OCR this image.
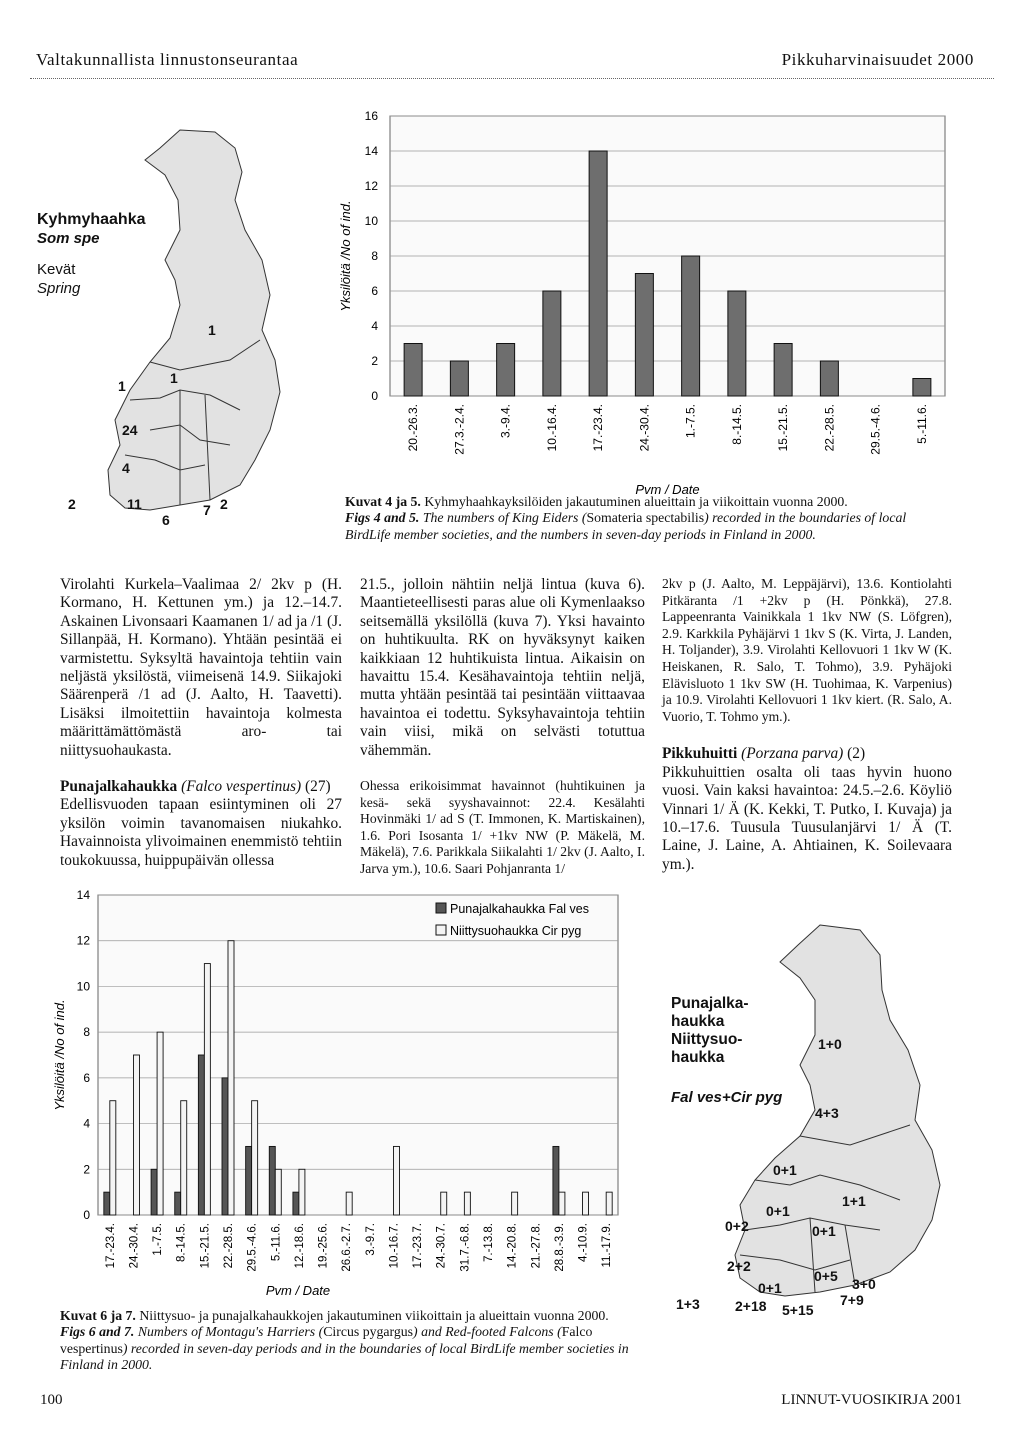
Valtakunnallista linnustonseurantaa	Pikkuharvinaisuudet 2000
Kyhmyhaahka
Som spe
Kevät
Spring
1
1	1
24
4
2	11
6
7 2
0
2
4
6
8
10
12
14
16
20.-26.3.	27.3.-2.4.	3.-9.4.	10.-16.4.	17.-23.4.	24.-30.4.	1.-7.5.	8.-14.5.	15.-21.5.	22.-28.5.	29.5.-4.6.	5.-11.6.
Yksilöitä /No of ind.
Pvm / Date
Kuvat 4 ja 5. Kyhmyhaahkayksilöiden jakautuminen alueittain ja viikoittain vuonna 2000.
Figs 4 and 5. The numbers of King Eiders (Somateria spectabilis) recorded in the boundaries of local BirdLife member societies, and the numbers in seven-day periods in Finland in 2000.

Virolahti Kurkela–Vaalimaa 2/ 2kv p (H. Kormano, H. Kettunen ym.) ja 12.–14.7. Askainen Livonsaari Kaamanen 1/ ad ja /1 (J. Sillanpää, H. Kormano). Yhtään pesintää ei varmistettu. Syksyltä havaintoja tehtiin vain neljästä yksilöstä, viimeisenä 14.9. Siikajoki Säärenperä /1 ad (J. Aalto, H. Taavetti). Lisäksi ilmoitettiin havaintoja kolmesta määrittämättömästä aro- tai niittysuohaukasta.

Punajalkahaukka (Falco vespertinus) (27)

Edellisvuoden tapaan esiintyminen oli 27 yksilön voimin tavanomaisen niukahko. Havainnoista ylivoimainen enemmistö tehtiin toukokuussa, huippupäivän ollessa

21.5., jolloin nähtiin neljä lintua (kuva 6). Maantieteellisesti paras alue oli Kymenlaakso seitsemällä yksilöllä (kuva 7). Yksi havainto on huhtikuulta. RK on hyväksynyt kaiken kaikkiaan 12 huhtikuista lintua. Aikaisin on havaittu 15.4. Kesähavaintoja tehtiin neljä, mutta yhtään pesintää tai pesintään viittaavaa havaintoa ei todettu. Syksyhavaintoja tehtiin vain viisi, mikä on selvästi totuttua vähemmän.

Ohessa erikoisimmat havainnot (huhtikuinen ja kesä- sekä syyshavainnot: 22.4. Kesälahti Hovinmäki 1/ ad S (T. Immonen, K. Martiskainen), 1.6. Pori Isosanta 1/ +1kv NW (P. Mäkelä, M. Mäkelä), 7.6. Parikkala Siikalahti 1/ 2kv (J. Aalto, I. Jarva ym.), 10.6. Saari Pohjanranta 1/

2kv p (J. Aalto, M. Leppäjärvi), 13.6. Kontiolahti Pitkäranta /1 +2kv p (H. Pönkkä), 27.8. Lappeenranta Vainikkala 1 1kv NW (S. Löfgren), 2.9. Karkkila Pyhäjärvi 1 1kv S (K. Virta, J. Landen, H. Toljander), 3.9. Virolahti Kellovuori 1 1kv W (K. Heiskanen, R. Salo, T. Tohmo), 3.9. Pyhäjoki Elävisluoto 1 1kv SW (H. Tuohimaa, K. Varpenius) ja 10.9. Virolahti Kellovuori 1 1kv kiert. (R. Salo, A. Vuorio, T. Tohmo ym.).

Pikkuhuitti (Porzana parva) (2)

Pikkuhuittien osalta oli taas hyvin huono vuosi. Vain kaksi havaintoa: 24.5.–2.6. Köyliö Vinnari 1/ Ä (K. Kekki, T. Putko, I. Kuvaja) ja 10.–17.6. Tuusula Tuusulanjärvi 1/ Ä (T. Laine, J. Laine, A. Ahtiainen, K. Soilevaara ym.).

0
2
4
6
8
10
12
14
17.-23.4. 24.-30.4. 1.-7.5. 8.-14.5. 15.-21.5. 22.-28.5. 29.5.-4.6. 5.-11.6. 12.-18.6. 19.-25.6. 26.6.-2.7. 3.-9.7. 10.-16.7. 17.-23.7. 24.-30.7. 31.7.-6.8. 7.-13.8. 14.-20.8. 21.-27.8. 28.8.-3.9. 4.-10.9. 11.-17.9.
Punajalkahaukka Fal ves
Niittysuohaukka Cir pyg
Yksilöitä /No of ind.
Pvm / Date
Punajalka-haukka
Niittysuo-haukka
Fal ves+Cir pyg
1+0
4+3
0+1
1+1
0+1
0+2	0+1
2+2
0+1
0+5 3+0
2+18	7+9
5+15
1+3
Kuvat 6 ja 7. Niittysuo- ja punajalkahaukkojen jakautuminen viikoittain ja alueittain vuonna 2000.
Figs 6 and 7. Numbers of Montagu's Harriers (Circus pygargus) and Red-footed Falcons (Falco vespertinus) recorded in seven-day periods and in the boundaries of local BirdLife member societies in Finland in 2000.
100	LINNUT-VUOSIKIRJA 2001
